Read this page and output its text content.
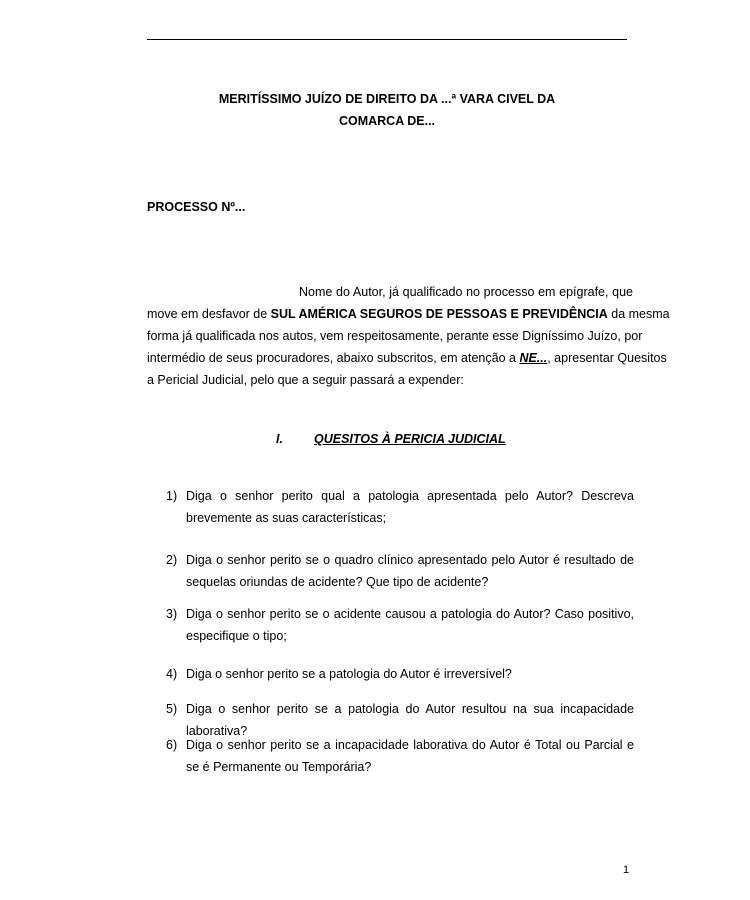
MERITÍSSIMO JUÍZO DE DIREITO DA ...ª VARA CIVEL DA
COMARCA DE...
PROCESSO Nº...
Nome do Autor, já qualificado no processo em epígrafe, que
move em desfavor de SUL AMÉRICA SEGUROS DE PESSOAS E PREVIDÊNCIA da mesma
forma já qualificada nos autos, vem respeitosamente, perante esse Digníssimo Juízo, por
intermédio de seus procuradores, abaixo subscritos, em atenção a NE..., apresentar Quesitos
a Pericial Judicial, pelo que a seguir passará a expender:
I. QUESITOS À PERICIA JUDICIAL
1) Diga o senhor perito qual a patologia apresentada pelo Autor? Descreva brevemente as suas características;
2) Diga o senhor perito se o quadro clínico apresentado pelo Autor é resultado de sequelas oriundas de acidente? Que tipo de acidente?
3) Diga o senhor perito se o acidente causou a patologia do Autor? Caso positivo, especifique o tipo;
4) Diga o senhor perito se a patologia do Autor é irreversível?
5) Diga o senhor perito se a patologia do Autor resultou na sua incapacidade laborativa?
6) Diga o senhor perito se a incapacidade laborativa do Autor é Total ou Parcial e se é Permanente ou Temporária?
1
